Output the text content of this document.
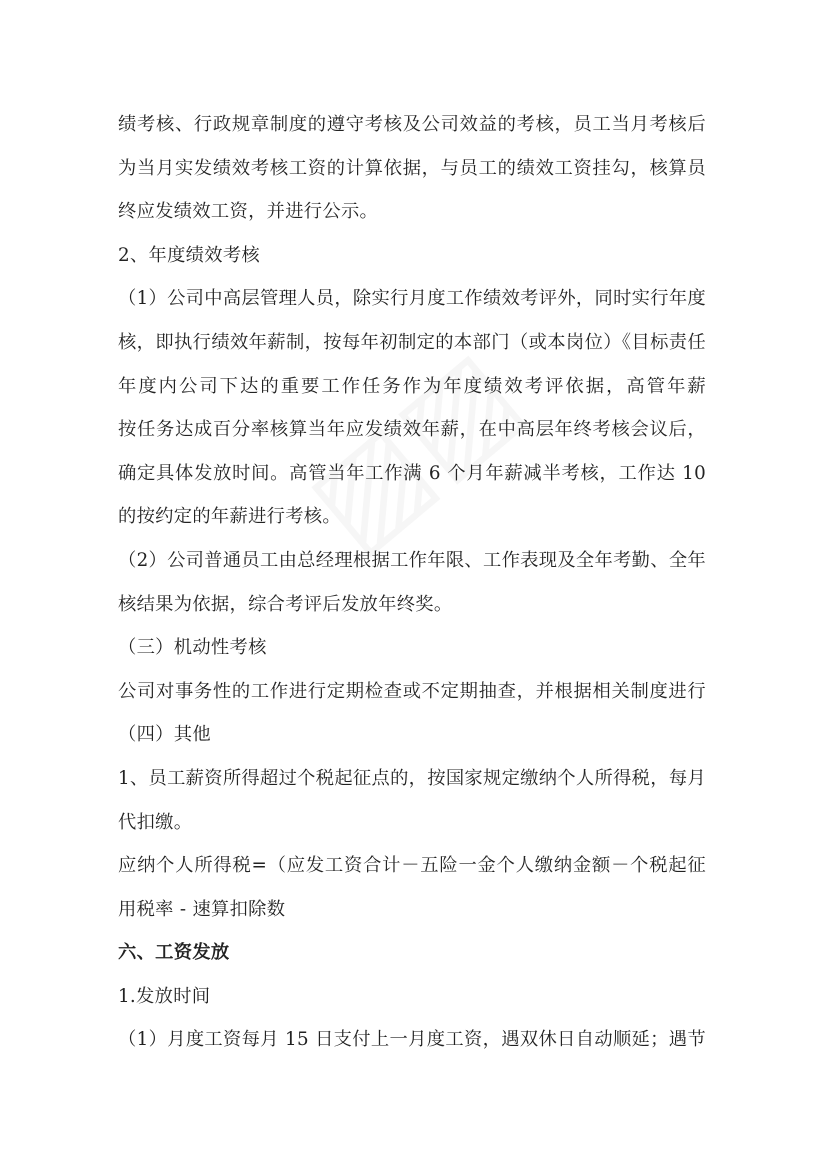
绩考核、行政规章制度的遵守考核及公司效益的考核，员工当月考核后
为当月实发绩效考核工资的计算依据，与员工的绩效工资挂勾，核算员
终应发绩效工资，并进行公示。
2、年度绩效考核
（1）公司中高层管理人员，除实行月度工作绩效考评外，同时实行年度
核，即执行绩效年薪制，按每年初制定的本部门（或本岗位）《目标责任
年度内公司下达的重要工作任务作为年度绩效考评依据，高管年薪
按任务达成百分率核算当年应发绩效年薪，在中高层年终考核会议后，
确定具体发放时间。高管当年工作满 6 个月年薪减半考核，工作达 10
的按约定的年薪进行考核。
（2）公司普通员工由总经理根据工作年限、工作表现及全年考勤、全年
核结果为依据，综合考评后发放年终奖。
（三）机动性考核
公司对事务性的工作进行定期检查或不定期抽查，并根据相关制度进行
（四）其他
1、员工薪资所得超过个税起征点的，按国家规定缴纳个人所得税，每月
代扣缴。
应纳个人所得税=（应发工资合计－五险一金个人缴纳金额－个税起征
用税率 - 速算扣除数
六、工资发放
1.发放时间
（1）月度工资每月 15 日支付上一月度工资，遇双休日自动顺延；遇节
